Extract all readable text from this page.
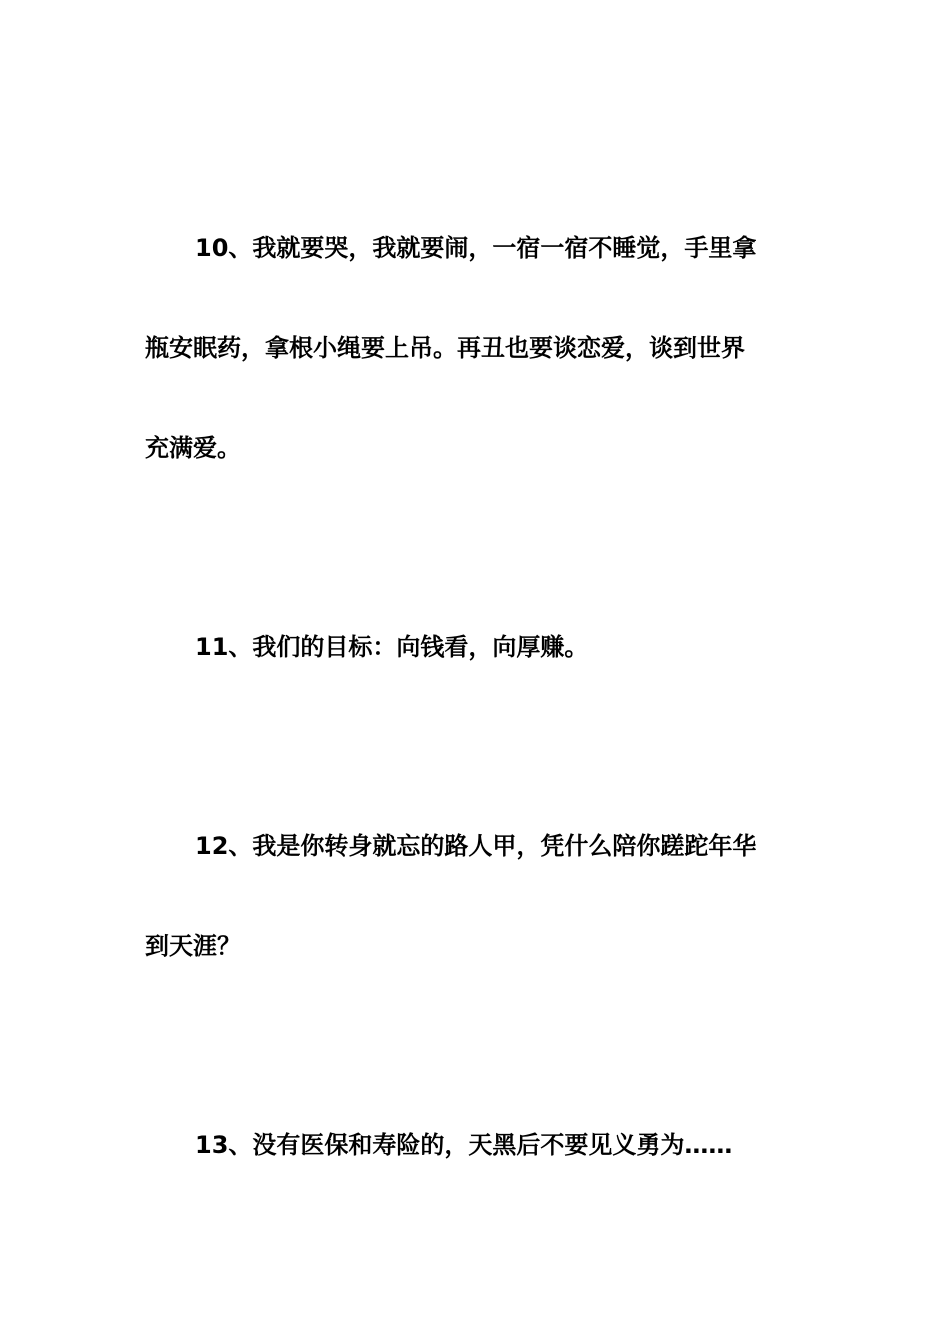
10、我就要哭，我就要闹，一宿一宿不睡觉，手里拿
瓶安眠药，拿根小绳要上吊。再丑也要谈恋爱，谈到世界
充满爱。
11、我们的目标：向钱看，向厚赚。
12、我是你转身就忘的路人甲，凭什么陪你蹉跎年华
到天涯？
13、没有医保和寿险的，天黑后不要见义勇为……
